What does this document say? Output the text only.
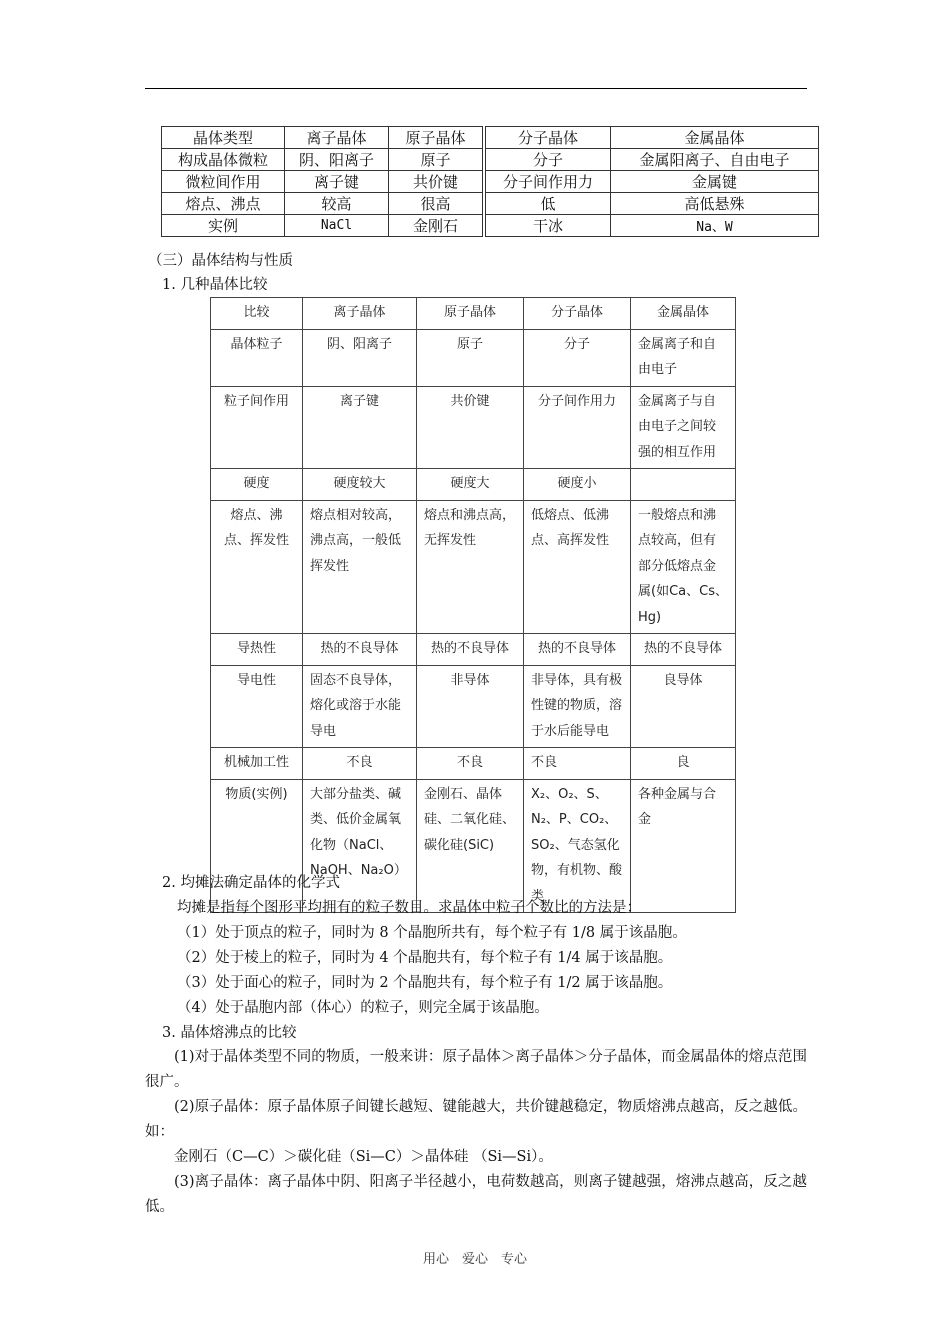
晶体类型	离子晶体	原子晶体		分子晶体	金属晶体
构成晶体微粒	阴、阳离子	原子		分子	金属阳离子、自由电子
微粒间作用	离子键	共价键		分子间作用力	金属键
熔点、沸点	较高	很高		低	高低悬殊
实例	NaCl	金刚石		干冰	Na、W
（三）晶体结构与性质
1. 几种晶体比较
比较	离子晶体	原子晶体	分子晶体	金属晶体
晶体粒子	阴、阳离子	原子	分子	金属离子和自由电子
粒子间作用	离子键	共价键	分子间作用力	金属离子与自由电子之间较强的相互作用
硬度	硬度较大	硬度大	硬度小	
熔点、沸点、挥发性	熔点相对较高，沸点高，一般低挥发性	熔点和沸点高，无挥发性	低熔点、低沸点、高挥发性	一般熔点和沸点较高，但有部分低熔点金属(如Ca、Cs、Hg)
导热性	热的不良导体	热的不良导体	热的不良导体	热的不良导体
导电性	固态不良导体，熔化或溶于水能导电	非导体	非导体，具有极性键的物质，溶于水后能导电	良导体
机械加工性	不良	不良	不良	良
物质(实例)	大部分盐类、碱类、低价金属氧化物（NaCl、NaOH、Na₂O）	金刚石、晶体硅、二氧化硅、碳化硅(SiC)	X₂、O₂、S、N₂、P、CO₂、SO₂、气态氢化物，有机物、酸类	各种金属与合金
2. 均摊法确定晶体的化学式
均摊是指每个图形平均拥有的粒子数目。求晶体中粒子个数比的方法是：
（1）处于顶点的粒子，同时为 8 个晶胞所共有，每个粒子有 1/8 属于该晶胞。
（2）处于棱上的粒子，同时为 4 个晶胞共有，每个粒子有 1/4 属于该晶胞。
（3）处于面心的粒子，同时为 2 个晶胞共有，每个粒子有 1/2 属于该晶胞。
（4）处于晶胞内部（体心）的粒子，则完全属于该晶胞。
3. 晶体熔沸点的比较
(1)对于晶体类型不同的物质，一般来讲：原子晶体＞离子晶体＞分子晶体，而金属晶体的熔点范围很广。
(2)原子晶体：原子晶体原子间键长越短、键能越大，共价键越稳定，物质熔沸点越高，反之越低。如：
金刚石（C—C）＞碳化硅（Si—C）＞晶体硅 （Si—Si）。
(3)离子晶体：离子晶体中阴、阳离子半径越小，电荷数越高，则离子键越强，熔沸点越高，反之越低。
用心　爱心　专心
